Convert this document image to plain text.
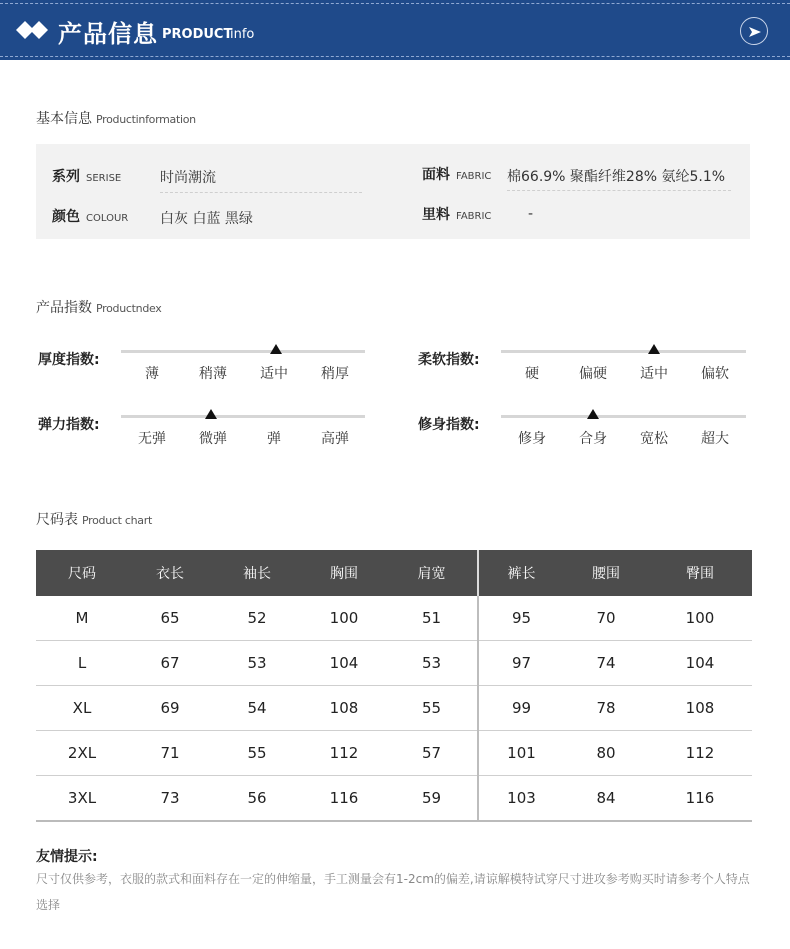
产品信息 PRODUCT
info
基本信息 Productinformation
系列 SERISE	时尚潮流
颜色 COLOUR 白灰 白蓝 黑绿
面料 FABRIC 棉66.9% 聚酯纤维28% 氨纶5.1%
里料 FABRIC	-
产品指数 Productndex
厚度指数:
薄	稍薄	适中	稍厚
柔软指数:
硬	偏硬	适中	偏软
弹力指数:
无弹	微弹	弹	高弹
修身指数:
修身	合身	宽松	超大
尺码表 Product chart
尺码	衣长	袖长	胸围	肩宽	裤长	腰围	臀围
M	65	52	100	51	95	70	100
L	67	53	104	53	97	74	104
XL	69	54	108	55	99	78	108
2XL	71	55	112	57	101	80	112
3XL	73	56	116	59	103	84	116
友情提示:
尺寸仅供参考，衣服的款式和面料存在一定的伸缩量，手工测量会有1-2cm的偏差,请谅解模特试穿尺寸进攻参考购买时请参考个人特点选择
